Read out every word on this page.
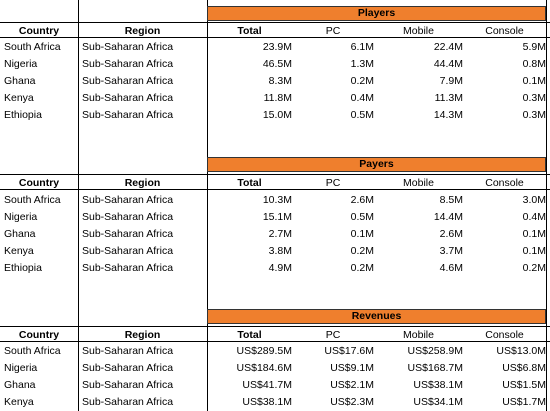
Players
Country	Region	Total	PC	Mobile	Console
South Africa	Sub-Saharan Africa	23.9M	6.1M	22.4M	5.9M
Nigeria	Sub-Saharan Africa	46.5M	1.3M	44.4M	0.8M
Ghana	Sub-Saharan Africa	8.3M	0.2M	7.9M	0.1M
Kenya	Sub-Saharan Africa	11.8M	0.4M	11.3M	0.3M
Ethiopia	Sub-Saharan Africa	15.0M	0.5M	14.3M	0.3M
Payers
Country	Region	Total	PC	Mobile	Console
South Africa	Sub-Saharan Africa	10.3M	2.6M	8.5M	3.0M
Nigeria	Sub-Saharan Africa	15.1M	0.5M	14.4M	0.4M
Ghana	Sub-Saharan Africa	2.7M	0.1M	2.6M	0.1M
Kenya	Sub-Saharan Africa	3.8M	0.2M	3.7M	0.1M
Ethiopia	Sub-Saharan Africa	4.9M	0.2M	4.6M	0.2M
Revenues
Country	Region	Total	PC	Mobile	Console
South Africa	Sub-Saharan Africa	US$289.5M	US$17.6M	US$258.9M	US$13.0M
Nigeria	Sub-Saharan Africa	US$184.6M	US$9.1M	US$168.7M	US$6.8M
Ghana	Sub-Saharan Africa	US$41.7M	US$2.1M	US$38.1M	US$1.5M
Kenya	Sub-Saharan Africa	US$38.1M	US$2.3M	US$34.1M	US$1.7M
